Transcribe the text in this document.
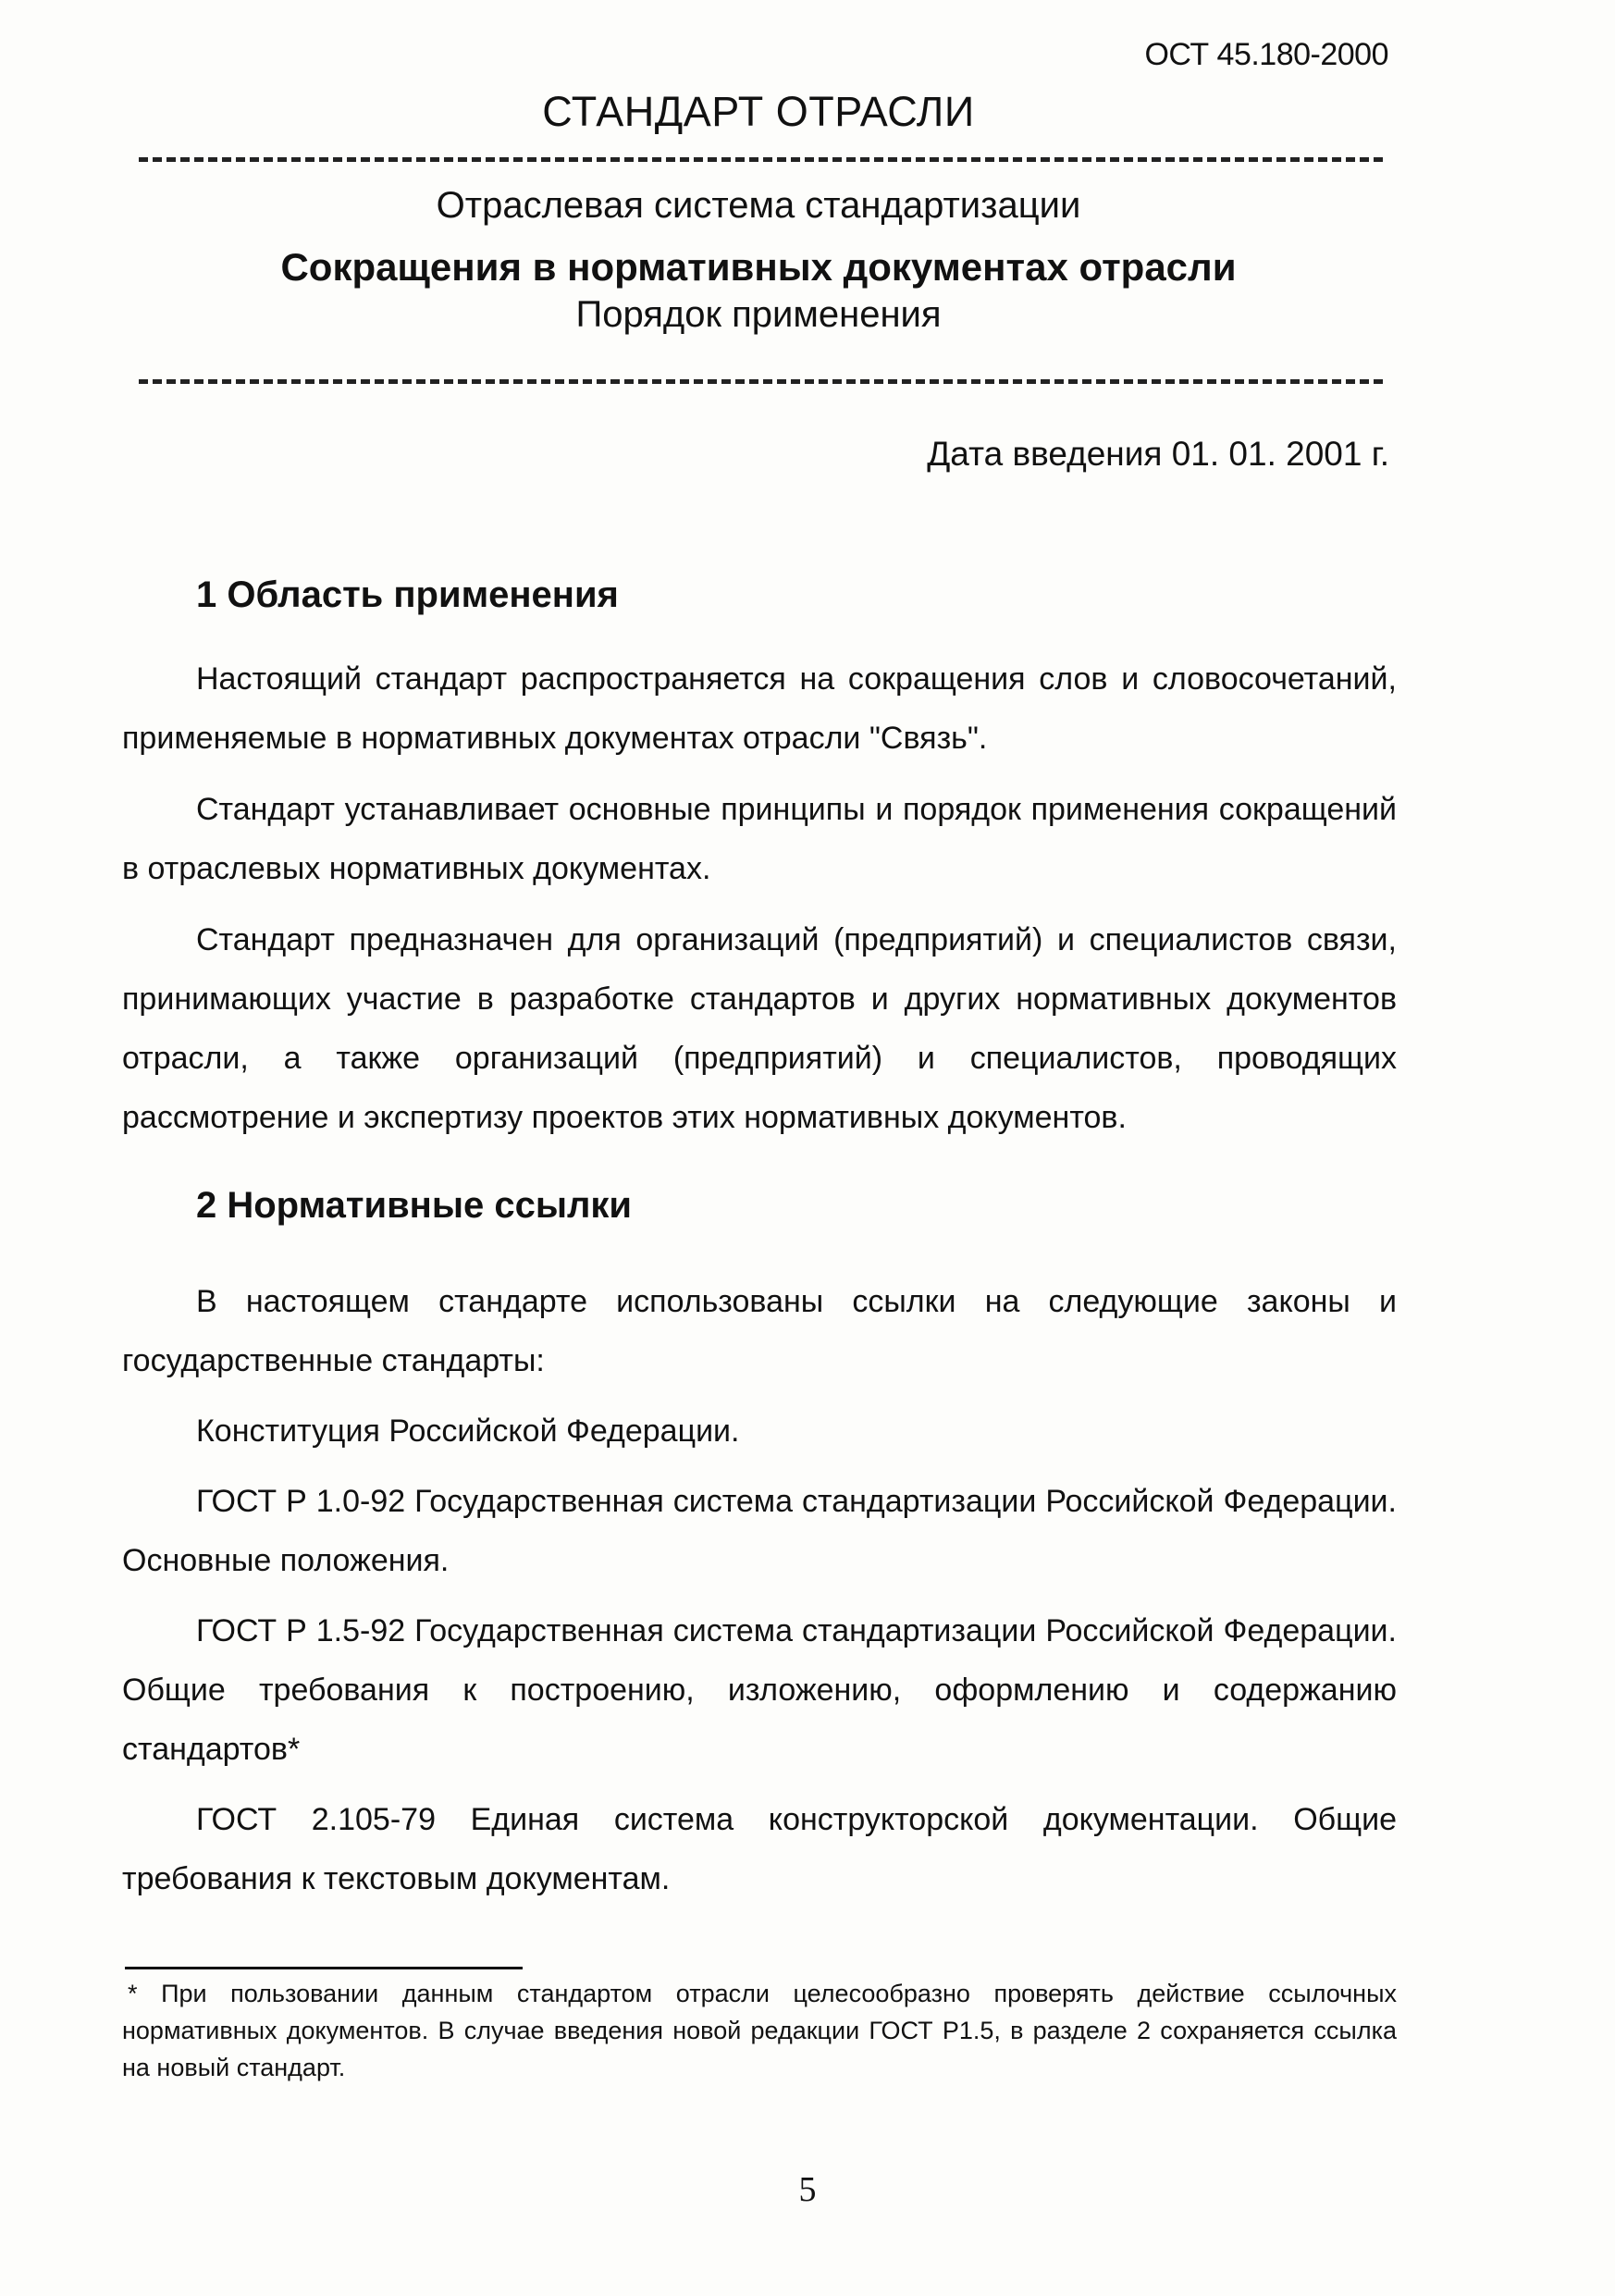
ОСТ 45.180-2000

СТАНДАРТ ОТРАСЛИ

Отраслевая система стандартизации

Сокращения в нормативных документах отрасли

Порядок применения

Дата введения 01. 01. 2001 г.

1 Область применения

Настоящий стандарт распространяется на сокращения слов и словосочетаний, применяемые в нормативных документах отрасли "Связь".

Стандарт устанавливает основные принципы и порядок применения сокращений в отраслевых нормативных документах.

Стандарт предназначен для организаций (предприятий) и специалистов связи, принимающих участие в разработке стандартов и других нормативных документов отрасли, а также организаций (предприятий) и специалистов, проводящих рассмотрение и экспертизу проектов этих нормативных документов.

2 Нормативные ссылки

В настоящем стандарте использованы ссылки на следующие законы и государственные стандарты:

Конституция Российской Федерации.

ГОСТ Р 1.0-92 Государственная система стандартизации Российской Федерации. Основные положения.

ГОСТ Р 1.5-92 Государственная система стандартизации Российской Федерации. Общие требования к построению, изложению, оформлению и содержанию стандартов*

ГОСТ 2.105-79 Единая система конструкторской документации. Общие требования к текстовым документам.

* При пользовании данным стандартом отрасли целесообразно проверять действие ссылочных нормативных документов. В случае введения новой редакции ГОСТ Р1.5, в разделе 2 сохраняется ссылка на новый стандарт.

5
